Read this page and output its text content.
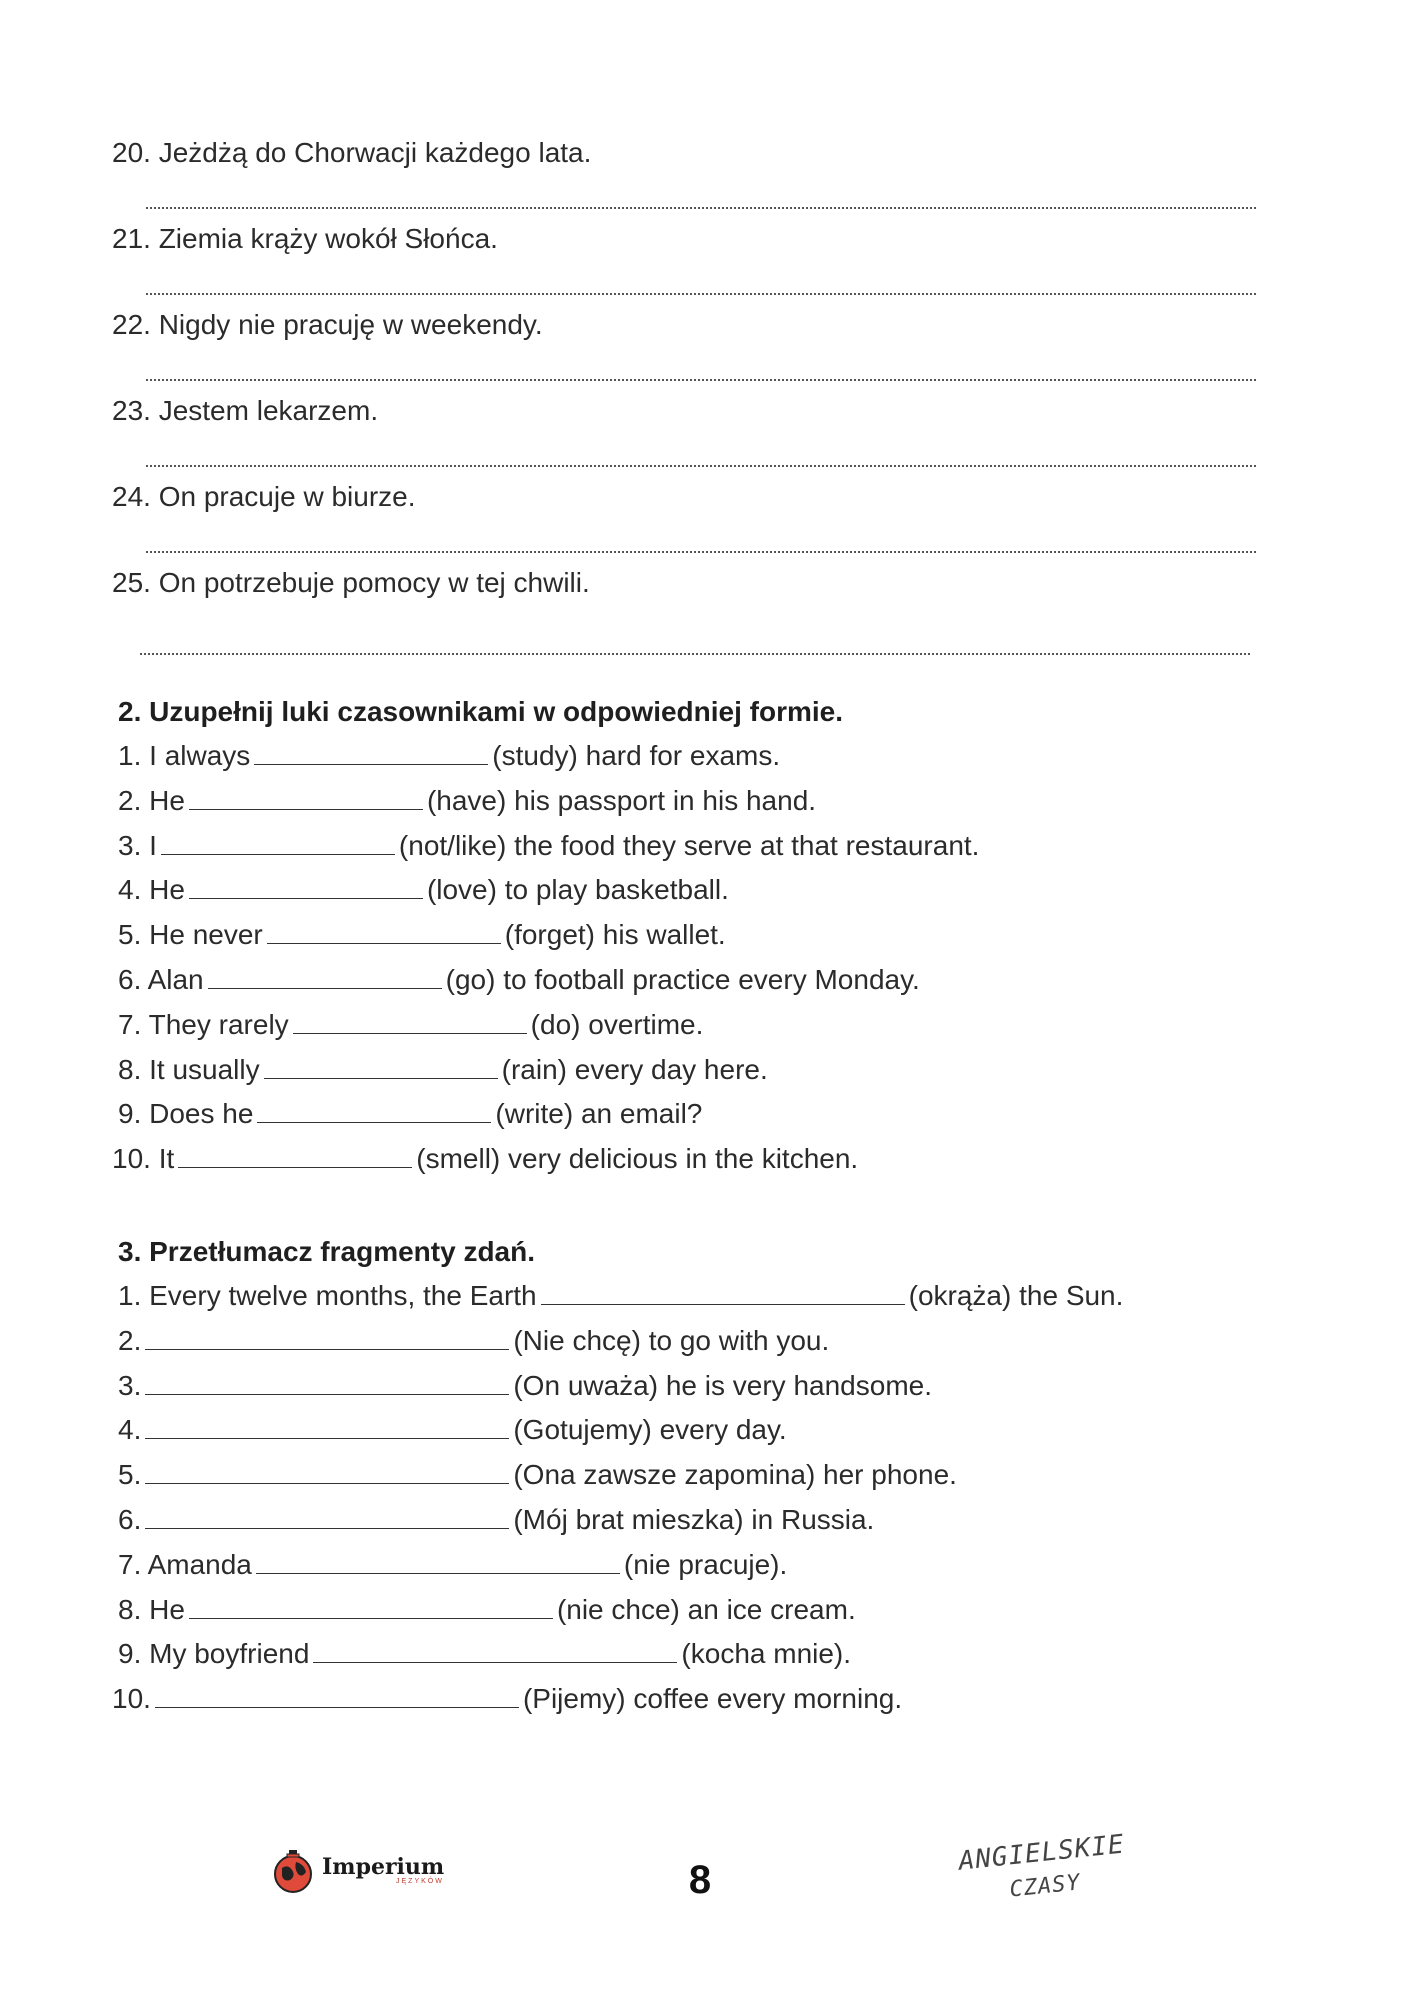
20. Jeżdżą do Chorwacji każdego lata.
21. Ziemia krąży wokół Słońca.
22. Nigdy nie pracuję w weekendy.
23. Jestem lekarzem.
24. On pracuje w biurze.
25. On potrzebuje pomocy w tej chwili.
2. Uzupełnij luki czasownikami w odpowiedniej formie.
1. I always	(study) hard for exams.
2. He	(have) his passport in his hand.
3. I	(not/like) the food they serve at that restaurant.
4. He	(love) to play basketball.
5. He never	(forget) his wallet.
6. Alan	(go) to football practice every Monday.
7. They rarely	(do) overtime.
8. It usually	(rain) every day here.
9. Does he	(write) an email?
10. It	(smell) very delicious in the kitchen.
3. Przetłumacz fragmenty zdań.
1. Every twelve months, the Earth	(okrąża) the Sun.
2.	(Nie chcę) to go with you.
3.	(On uważa) he is very handsome.
4.	(Gotujemy) every day.
5.	(Ona zawsze zapomina) her phone.
6.	(Mój brat mieszka) in Russia.
7. Amanda	(nie pracuje).
8. He	(nie chce) an ice cream.
9. My boyfriend	(kocha mnie).
10.	(Pijemy) coffee every morning.
Imperium
JĘZYKÓW	8
ANGIELSKIE
CZASY
